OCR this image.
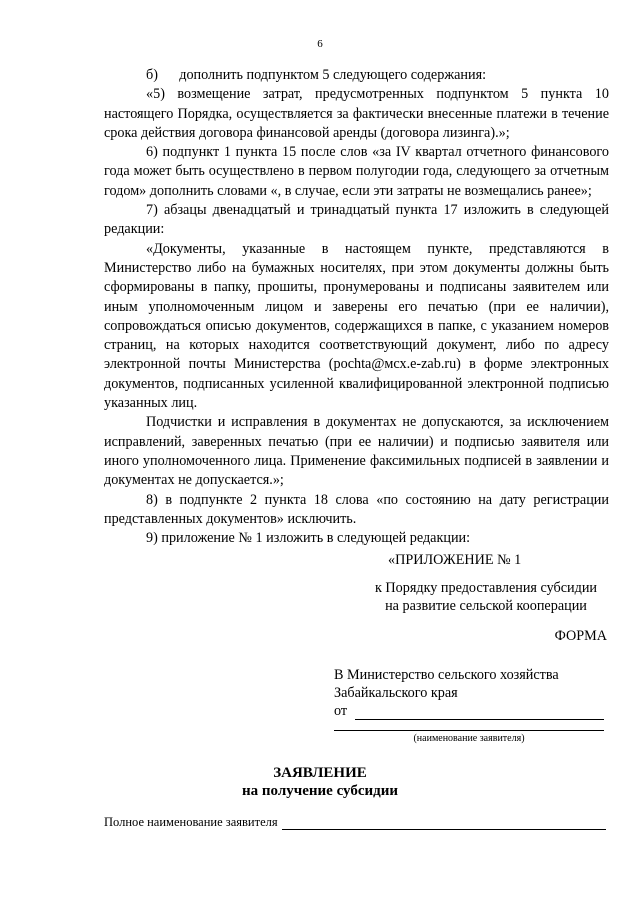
6

б)      дополнить подпунктом 5 следующего содержания:

«5) возмещение затрат, предусмотренных подпунктом 5 пункта 10 настоящего Порядка, осуществляется за фактически внесенные платежи в течение срока действия договора финансовой аренды (договора лизинга).»;

6) подпункт 1 пункта 15 после слов «за IV квартал отчетного финансового года может быть осуществлено в первом полугодии года, следующего за отчетным годом» дополнить словами «, в случае, если эти затраты не возмещались ранее»;

7) абзацы двенадцатый и тринадцатый пункта 17 изложить в следующей редакции:

«Документы, указанные в настоящем пункте, представляются в Министерство либо на бумажных носителях, при этом документы должны быть сформированы в папку, прошиты, пронумерованы и подписаны заявителем или иным уполномоченным лицом и заверены его печатью (при ее наличии), сопровождаться описью документов, содержащихся в папке, с указанием номеров страниц, на которых находится соответствующий документ, либо по адресу электронной почты Министерства (pochta@мсх.e-zab.ru) в форме электронных документов, подписанных усиленной квалифицированной электронной подписью указанных лиц.

Подчистки и исправления в документах не допускаются, за исключением исправлений, заверенных печатью (при ее наличии) и подписью заявителя или иного уполномоченного лица. Применение факсимильных подписей в заявлении и документах не допускается.»;

8) в подпункте 2 пункта 18 слова «по состоянию на дату регистрации представленных документов» исключить.

9) приложение № 1 изложить в следующей редакции:

«ПРИЛОЖЕНИЕ № 1
к Порядку предоставления субсидии
на развитие сельской кооперации
ФОРМА
В Министерство сельского хозяйства
Забайкальского края
от
(наименование заявителя)
ЗАЯВЛЕНИЕ
на получение субсидии
Полное наименование заявителя
